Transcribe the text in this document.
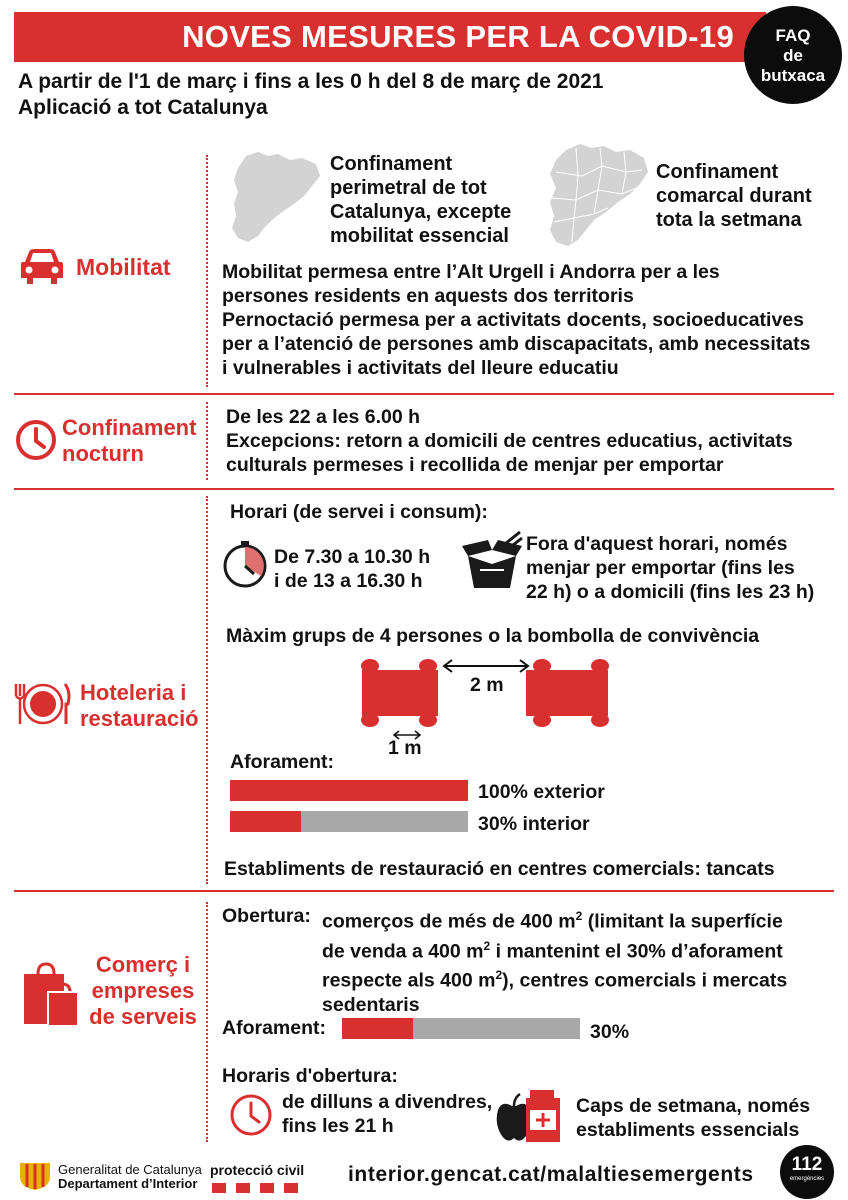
NOVES MESURES PER LA COVID-19	FAQ
de
butxaca
A partir de l'1 de març i fins a les 0 h del 8 de març de 2021
Aplicació a tot Catalunya
Mobilitat
Confinament
perimetral de tot
Catalunya, excepte
mobilitat essencial
Confinament
comarcal durant
tota la setmana
Mobilitat permesa entre l’Alt Urgell i Andorra per a les
persones residents en aquests dos territoris
Pernoctació permesa per a activitats docents, socioeducatives
per a l’atenció de persones amb discapacitats, amb necessitats
i vulnerables i activitats del lleure educatiu
Confinament
nocturn
De les 22 a les 6.00 h
Excepcions: retorn a domicili de centres educatius, activitats
culturals permeses i recollida de menjar per emportar
Hoteleria i
restauració
Horari (de servei i consum):
De 7.30 a 10.30 h
i de 13 a 16.30 h
Fora d'aquest horari, només
menjar per emportar (fins les
22 h) o a domicili (fins les 23 h)
Màxim grups de 4 persones o la bombolla de convivència
2 m
1 m
Aforament:
100% exterior
30% interior
Establiments de restauració en centres comercials: tancats
Comerç i
empreses
de serveis
Obertura: comerços de més de 400 $m^2$ (limitant la superfície
de venda a 400 $m^2$ i mantenint el 30% d’aforament
respecte als 400 $m^2$), centres comercials i mercats
sedentaris
Aforament:	30%
Horaris d'obertura:
de dilluns a divendres,
fins les 21 h
Caps de setmana, només
establiments essencials
Generalitat de Catalunya
Departament d’Interior
protecció civil interior.gencat.cat/malaltiesemergents	112
emergències
